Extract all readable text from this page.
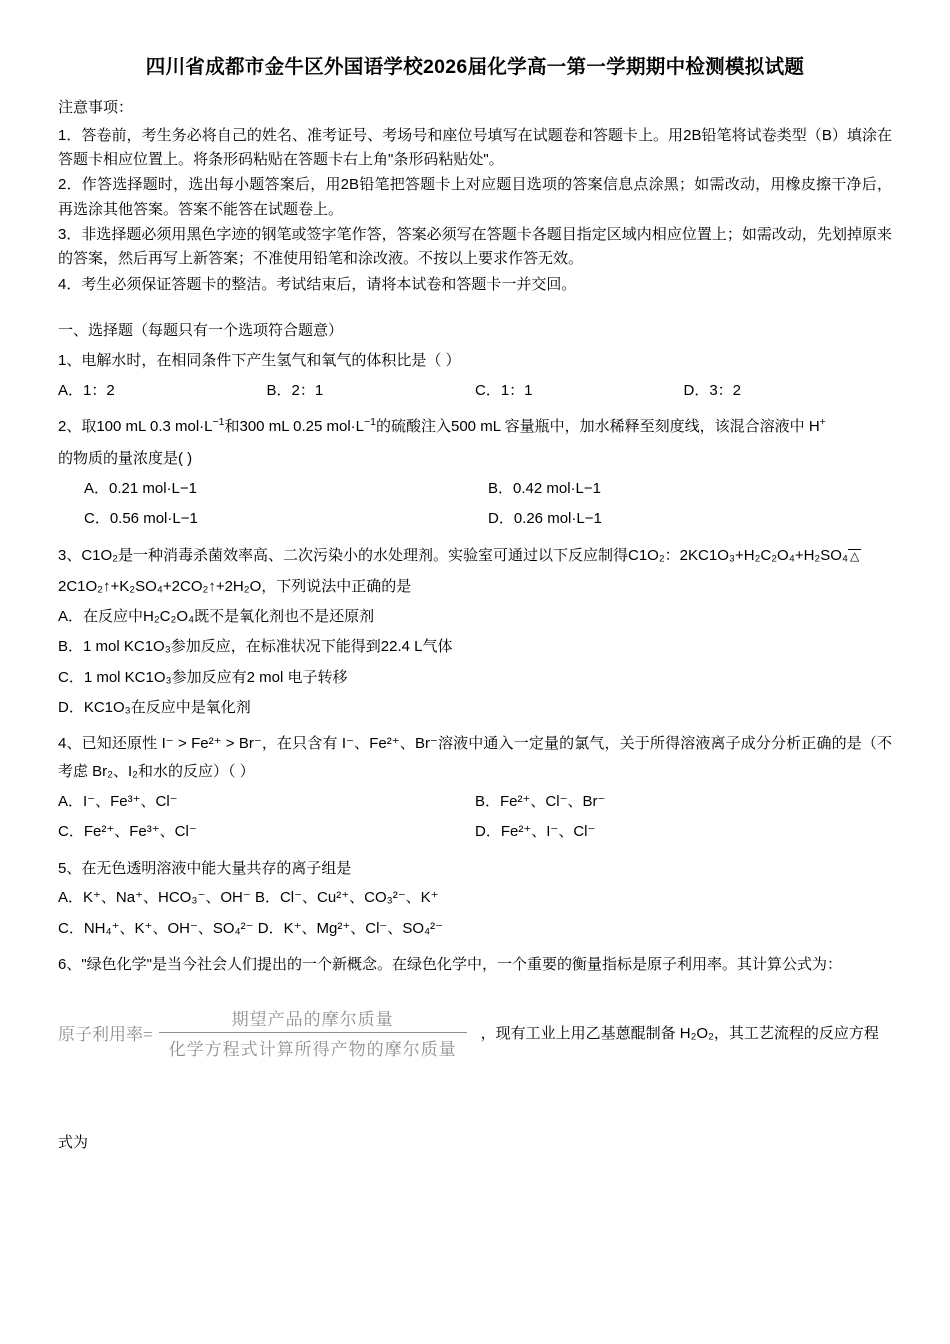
四川省成都市金牛区外国语学校2026届化学高一第一学期期中检测模拟试题
注意事项：
1．答卷前，考生务必将自己的姓名、准考证号、考场号和座位号填写在试题卷和答题卡上。用2B铅笔将试卷类型（B）填涂在答题卡相应位置上。将条形码粘贴在答题卡右上角"条形码粘贴处"。
2．作答选择题时，选出每小题答案后，用2B铅笔把答题卡上对应题目选项的答案信息点涂黑；如需改动，用橡皮擦干净后，再选涂其他答案。答案不能答在试题卷上。
3．非选择题必须用黑色字迹的钢笔或签字笔作答，答案必须写在答题卡各题目指定区域内相应位置上；如需改动，先划掉原来的答案，然后再写上新答案；不准使用铅笔和涂改液。不按以上要求作答无效。
4．考生必须保证答题卡的整洁。考试结束后，请将本试卷和答题卡一并交回。
一、选择题（每题只有一个选项符合题意）
1、电解水时，在相同条件下产生氢气和氧气的体积比是（ ）
A．1：2	B．2：1	C．1：1	D．3：2
2、取100 mL 0.3 $mol\cdot L^{-1}$和300 mL 0.25 $mol\cdot L^{-1}$的硫酸注入500 mL 容量瓶中，加水稀释至刻度线，该混合溶液中 H+
的物质的量浓度是( )
A．0.21 mol·L−1	B．0.42 mol·L−1
C．0.56 mol·L−1	D．0.26 mol·L−1
3、C1O₂是一种消毒杀菌效率高、二次污染小的水处理剂。实验室可通过以下反应制得C1O₂：2KC1O₃+H₂C₂O₄+H₂SO₄ △
2C1O₂↑+K₂SO₄+2CO₂↑+2H₂O，下列说法中正确的是
A．在反应中H₂C₂O₄既不是氧化剂也不是还原剂
B．1 mol KC1O₃参加反应，在标准状况下能得到22.4 L气体
C．1 mol KC1O₃参加反应有2 mol 电子转移
D．KC1O₃在反应中是氧化剂
4、已知还原性 I⁻ > Fe²⁺ > Br⁻，在只含有 I⁻、Fe²⁺、Br⁻溶液中通入一定量的氯气，关于所得溶液离子成分分析正确的是（不考虑 Br₂、I₂和水的反应）（ ）
A．I⁻、Fe³⁺、Cl⁻	B．Fe²⁺、Cl⁻、Br⁻
C．Fe²⁺、Fe³⁺、Cl⁻	D．Fe²⁺、I⁻、Cl⁻
5、在无色透明溶液中能大量共存的离子组是
A．K⁺、Na⁺、HCO₃⁻、OH⁻ B．Cl⁻、Cu²⁺、CO₃²⁻、K⁺
C．NH₄⁺、K⁺、OH⁻、SO₄²⁻ D．K⁺、Mg²⁺、Cl⁻、SO₄²⁻
6、"绿色化学"是当今社会人们提出的一个新概念。在绿色化学中，一个重要的衡量指标是原子利用率。其计算公式为：
原子利用率= $\frac{\text{期望产品的摩尔质量}}{\text{化学方程式计算所得产物的摩尔质量}}$ ，现有工业上用乙基蒽醌制备 H₂O₂，其工艺流程的反应方程
式为
